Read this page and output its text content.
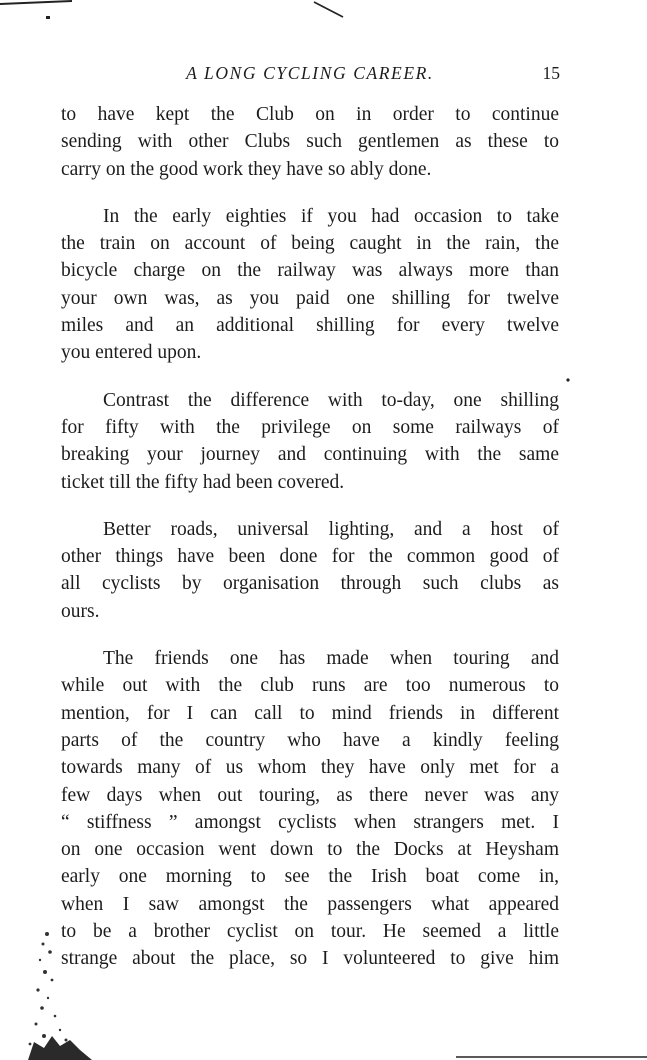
A LONG CYCLING CAREER.	15

to have kept the Club on in order to continue
sending with other Clubs such gentlemen as these to
carry on the good work they have so ably done.

In the early eighties if you had occasion to take
the train on account of being caught in the rain, the
bicycle charge on the railway was always more than
your own was, as you paid one shilling for twelve
miles and an additional shilling for every twelve
you entered upon.

Contrast the difference with to-day, one shilling
for fifty with the privilege on some railways of
breaking your journey and continuing with the same
ticket till the fifty had been covered.

Better roads, universal lighting, and a host of
other things have been done for the common good of
all cyclists by organisation through such clubs as
ours.

The friends one has made when touring and
while out with the club runs are too numerous to
mention, for I can call to mind friends in different
parts of the country who have a kindly feeling
towards many of us whom they have only met for a
few days when out touring, as there never was any
“ stiffness ” amongst cyclists when strangers met. I
on one occasion went down to the Docks at Heysham
early one morning to see the Irish boat come in,
when I saw amongst the passengers what appeared
to be a brother cyclist on tour. He seemed a little
strange about the place, so I volunteered to give him
